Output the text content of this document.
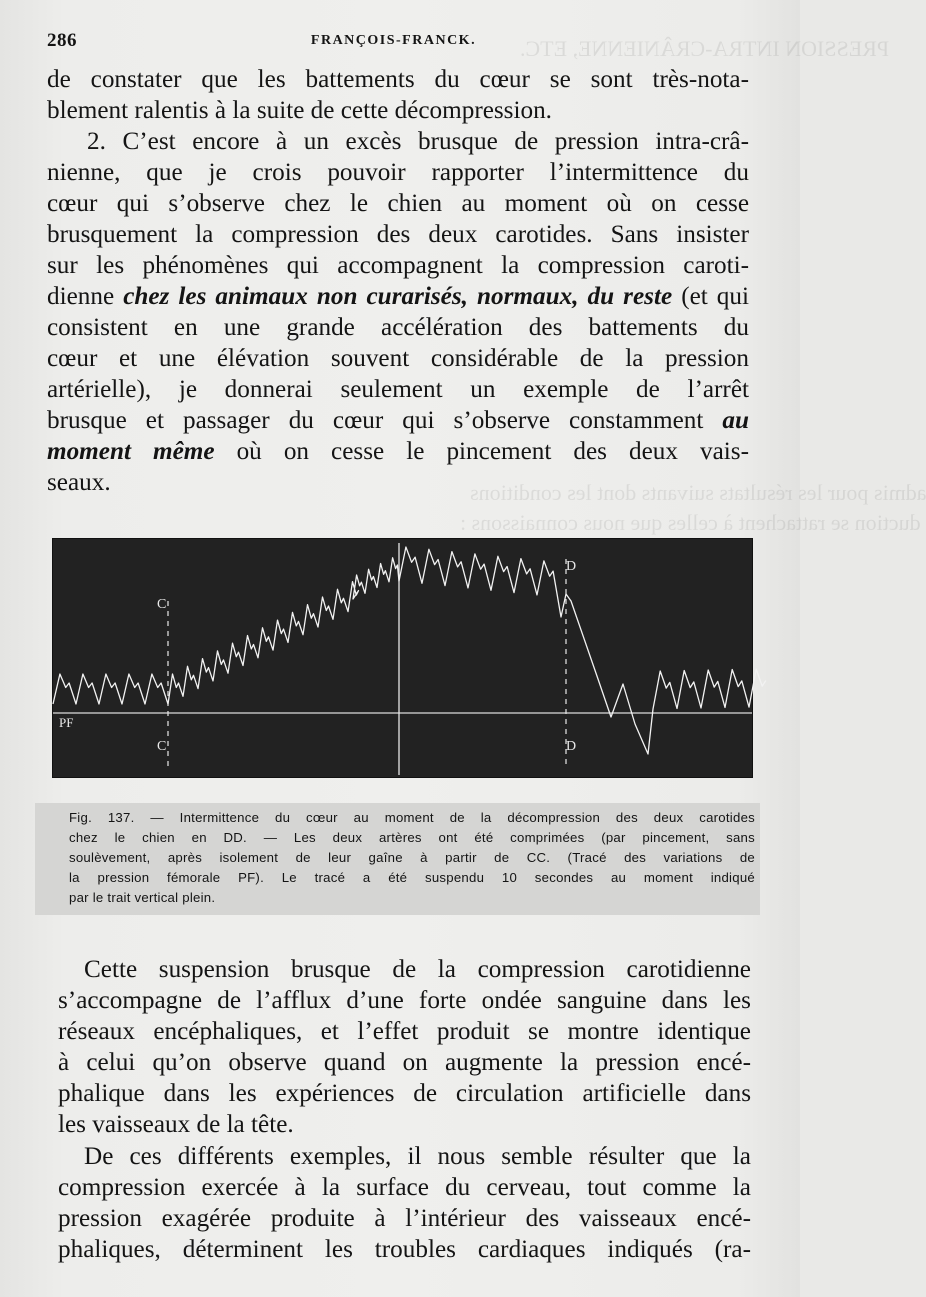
PRESSION INTRA-CRÂNIENNE, ETC.
admis pour les résultats suivants dont les conditions
duction se rattachent à celles que nous connaissons :
286	FRANÇOIS-FRANCK.
de constater que les battements du cœur se sont très-nota-
blement ralentis à la suite de cette décompression.
2. C’est encore à un excès brusque de pression intra-crâ-
nienne, que je crois pouvoir rapporter l’intermittence du
cœur qui s’observe chez le chien au moment où on cesse
brusquement la compression des deux carotides. Sans insister
sur les phénomènes qui accompagnent la compression caroti-
dienne chez les animaux non curarisés, normaux, du reste (et qui
consistent en une grande accélération des battements du
cœur et une élévation souvent considérable de la pression
artérielle), je donnerai seulement un exemple de l’arrêt
brusque et passager du cœur qui s’observe constamment au
moment même où on cesse le pincement des deux vais-
seaux.
C
C
D
D
PF
Fig. 137. — Intermittence du cœur au moment de la décompression des deux carotides
chez le chien en DD. — Les deux artères ont été comprimées (par pincement, sans
soulèvement, après isolement de leur gaîne à partir de CC. (Tracé des variations de
la pression fémorale PF). Le tracé a été suspendu 10 secondes au moment indiqué
par le trait vertical plein.
Cette suspension brusque de la compression carotidienne
s’accompagne de l’afflux d’une forte ondée sanguine dans les
réseaux encéphaliques, et l’effet produit se montre identique
à celui qu’on observe quand on augmente la pression encé-
phalique dans les expériences de circulation artificielle dans
les vaisseaux de la tête.
De ces différents exemples, il nous semble résulter que la
compression exercée à la surface du cerveau, tout comme la
pression exagérée produite à l’intérieur des vaisseaux encé-
phaliques, déterminent les troubles cardiaques indiqués (ra-
